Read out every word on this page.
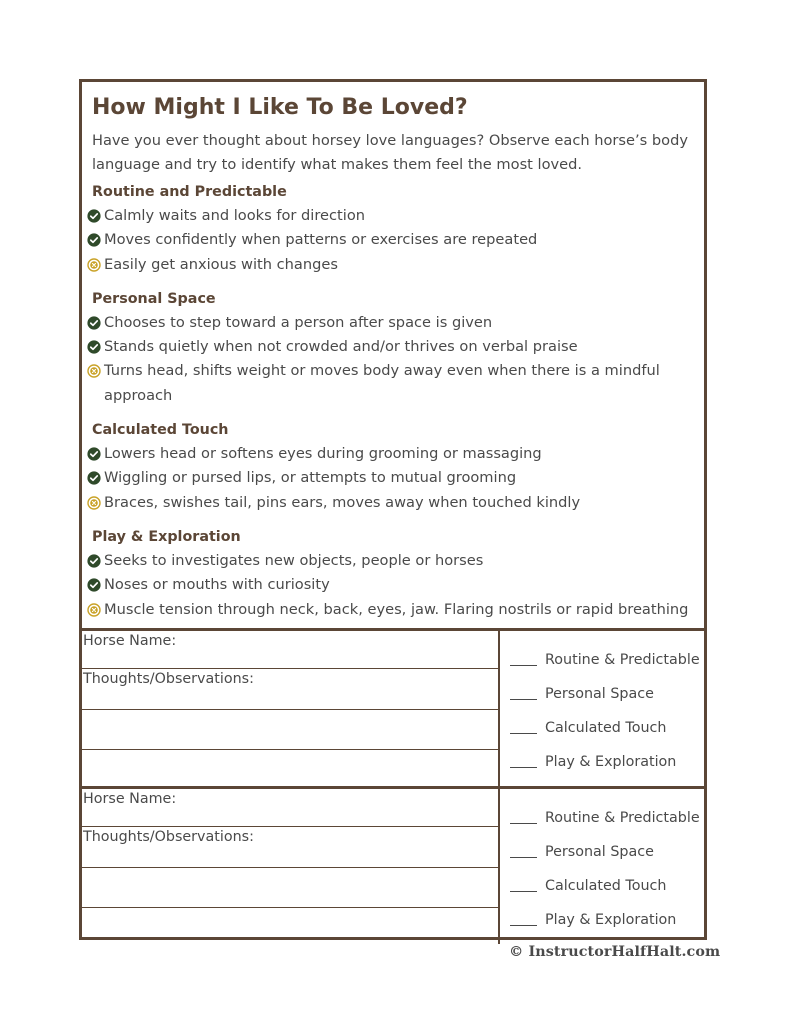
How Might I Like To Be Loved?

Have you ever thought about horsey love languages? Observe each horse’s body language and try to identify what makes them feel the most loved.

Routine and Predictable
Calmly waits and looks for direction
Moves confidently when patterns or exercises are repeated
Easily get anxious with changes
Personal Space
Chooses to step toward a person after space is given
Stands quietly when not crowded and/or thrives on verbal praise
Turns head, shifts weight or moves body away even when there is a mindful approach
Calculated Touch
Lowers head or softens eyes during grooming or massaging
Wiggling or pursed lips, or attempts to mutual grooming
Braces, swishes tail, pins ears, moves away when touched kindly
Play & Exploration
Seeks to investigates new objects, people or horses
Noses or mouths with curiosity
Muscle tension through neck, back, eyes, jaw. Flaring nostrils or rapid breathing
Horse Name:
Thoughts/Observations:
Routine & Predictable
Personal Space
Calculated Touch
Play & Exploration
Horse Name:
Thoughts/Observations:
Routine & Predictable
Personal Space
Calculated Touch
Play & Exploration
© InstructorHalfHalt.com
